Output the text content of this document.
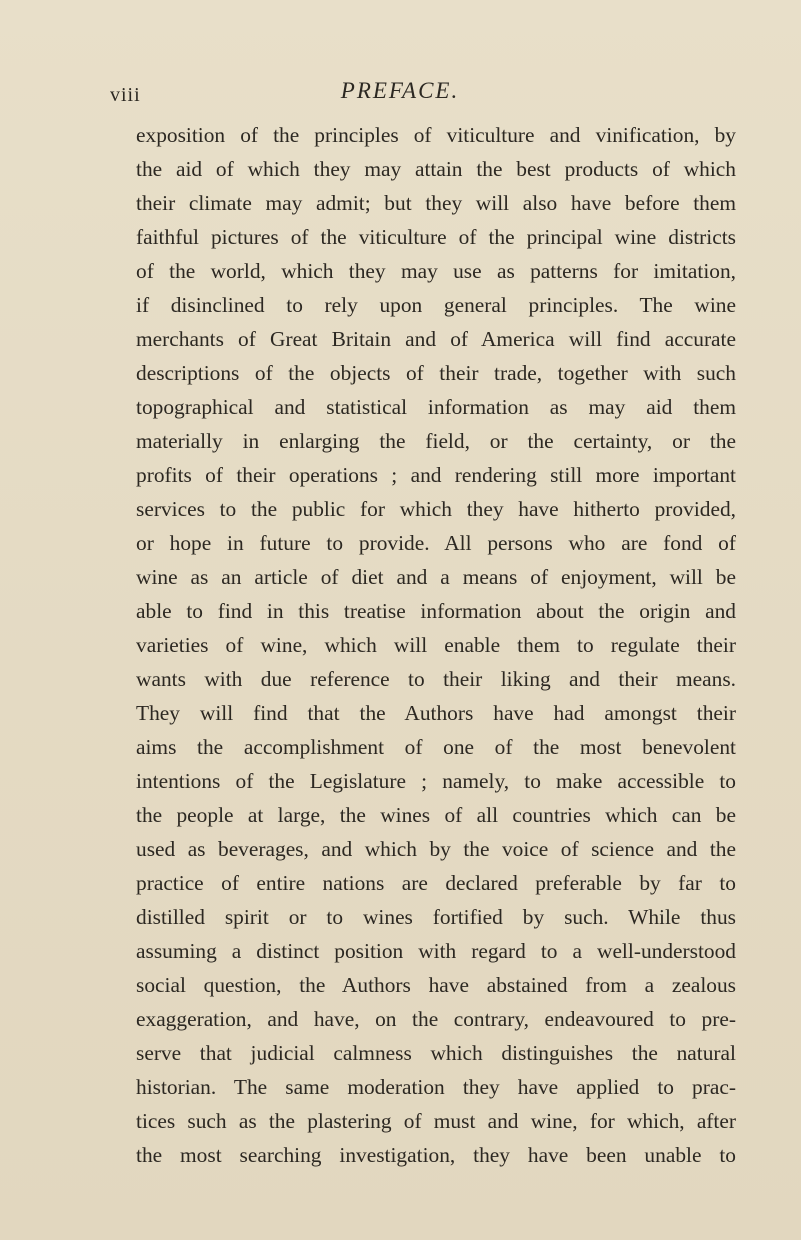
viii	PREFACE.
exposition of the principles of viticulture and vinification, by
the aid of which they may attain the best products of which
their climate may admit; but they will also have before them
faithful pictures of the viticulture of the principal wine districts
of the world, which they may use as patterns for imitation,
if disinclined to rely upon general principles. The wine
merchants of Great Britain and of America will find accurate
descriptions of the objects of their trade, together with such
topographical and statistical information as may aid them
materially in enlarging the field, or the certainty, or the
profits of their operations ; and rendering still more important
services to the public for which they have hitherto provided,
or hope in future to provide. All persons who are fond of
wine as an article of diet and a means of enjoyment, will be
able to find in this treatise information about the origin and
varieties of wine, which will enable them to regulate their
wants with due reference to their liking and their means.
They will find that the Authors have had amongst their
aims the accomplishment of one of the most benevolent
intentions of the Legislature ; namely, to make accessible to
the people at large, the wines of all countries which can be
used as beverages, and which by the voice of science and the
practice of entire nations are declared preferable by far to
distilled spirit or to wines fortified by such. While thus
assuming a distinct position with regard to a well-understood
social question, the Authors have abstained from a zealous
exaggeration, and have, on the contrary, endeavoured to pre-
serve that judicial calmness which distinguishes the natural
historian. The same moderation they have applied to prac-
tices such as the plastering of must and wine, for which, after
the most searching investigation, they have been unable to
